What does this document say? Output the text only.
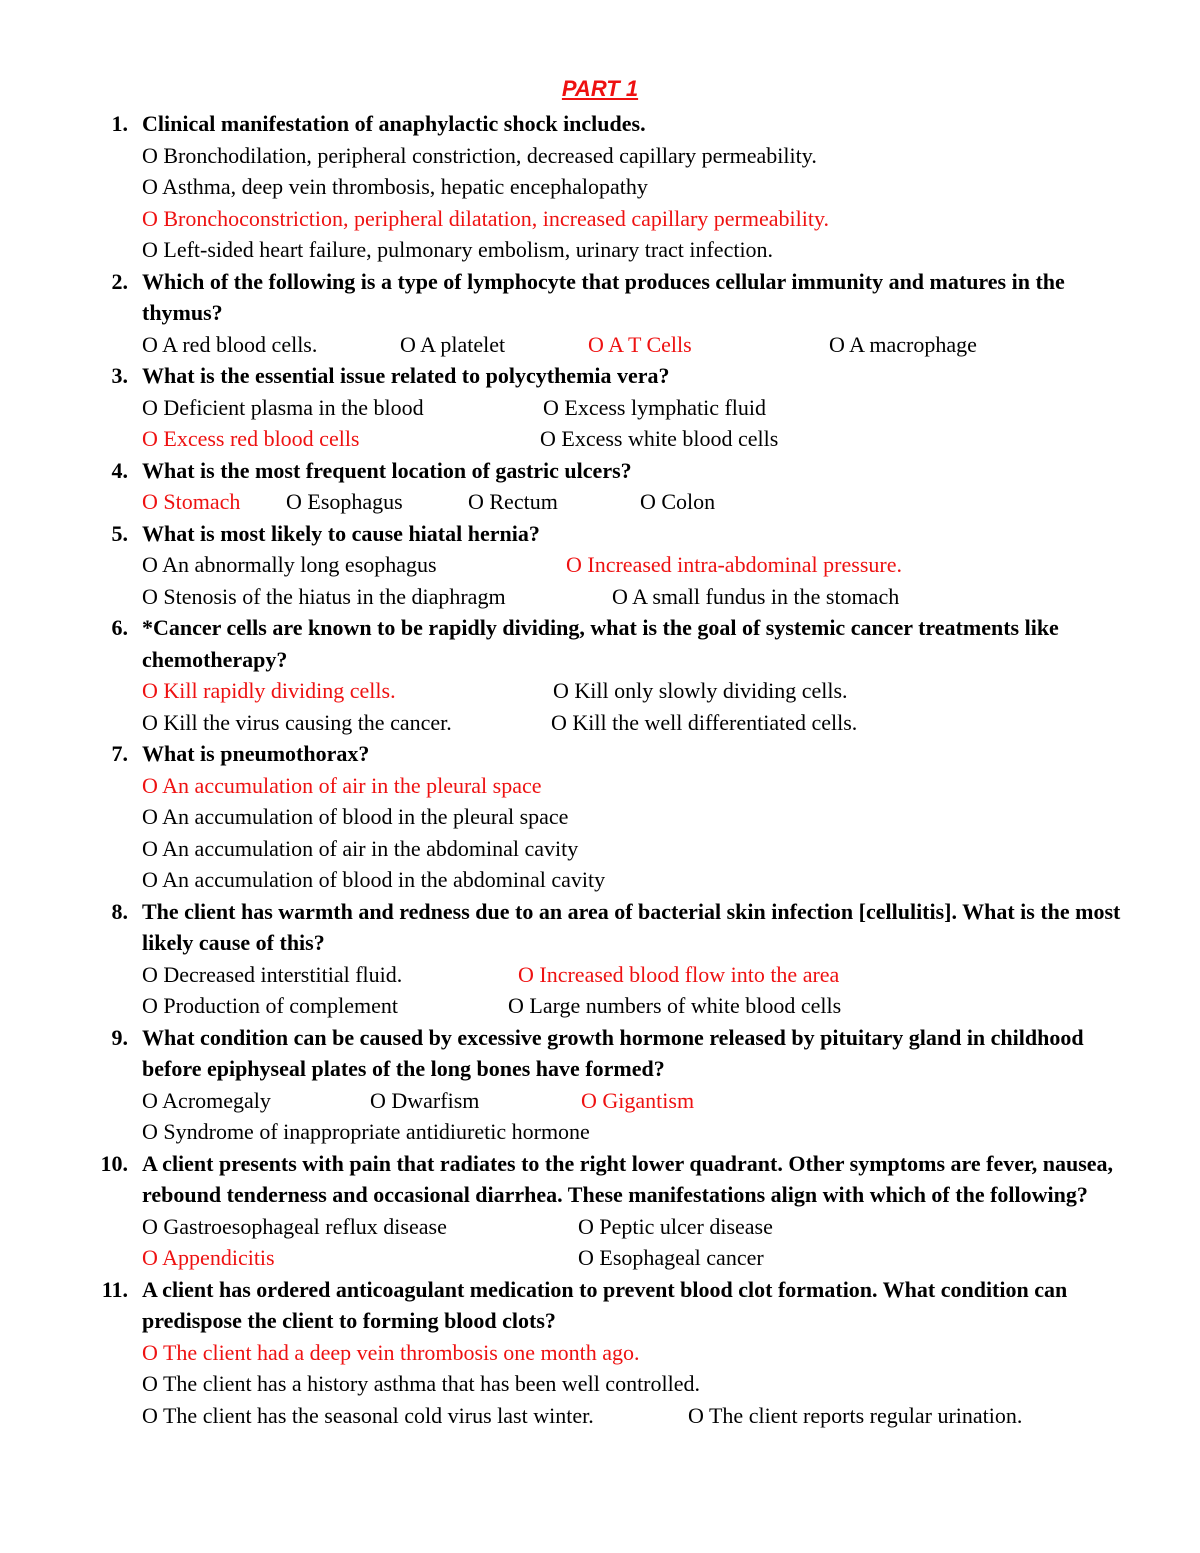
PART 1
1. Clinical manifestation of anaphylactic shock includes.
O Bronchodilation, peripheral constriction, decreased capillary permeability.
O Asthma, deep vein thrombosis, hepatic encephalopathy
O Bronchoconstriction, peripheral dilatation, increased capillary permeability.
O Left-sided heart failure, pulmonary embolism, urinary tract infection.
2. Which of the following is a type of lymphocyte that produces cellular immunity and matures in the thymus?
O A red blood cells.	O A platelet	O A T Cells	O A macrophage
3. What is the essential issue related to polycythemia vera?
O Deficient plasma in the blood	O Excess lymphatic fluid
O Excess red blood cells	O Excess white blood cells
4. What is the most frequent location of gastric ulcers?
O Stomach O Esophagus	O Rectum	O Colon
5. What is most likely to cause hiatal hernia?
O An abnormally long esophagus	O Increased intra-abdominal pressure.
O Stenosis of the hiatus in the diaphragm	O A small fundus in the stomach
6. *Cancer cells are known to be rapidly dividing, what is the goal of systemic cancer treatments like chemotherapy?
O Kill rapidly dividing cells.	O Kill only slowly dividing cells.
O Kill the virus causing the cancer.	O Kill the well differentiated cells.
7. What is pneumothorax?
O An accumulation of air in the pleural space
O An accumulation of blood in the pleural space
O An accumulation of air in the abdominal cavity
O An accumulation of blood in the abdominal cavity
8. The client has warmth and redness due to an area of bacterial skin infection [cellulitis]. What is the most likely cause of this?
O Decreased interstitial fluid.	O Increased blood flow into the area
O Production of complement	O Large numbers of white blood cells
9. What condition can be caused by excessive growth hormone released by pituitary gland in childhood before epiphyseal plates of the long bones have formed?
O Acromegaly	O Dwarfism	O Gigantism
O Syndrome of inappropriate antidiuretic hormone
10. A client presents with pain that radiates to the right lower quadrant. Other symptoms are fever, nausea, rebound tenderness and occasional diarrhea. These manifestations align with which of the following?
O Gastroesophageal reflux disease	O Peptic ulcer disease
O Appendicitis	O Esophageal cancer
11. A client has ordered anticoagulant medication to prevent blood clot formation. What condition can predispose the client to forming blood clots?
O The client had a deep vein thrombosis one month ago.
O The client has a history asthma that has been well controlled.
O The client has the seasonal cold virus last winter.	O The client reports regular urination.
